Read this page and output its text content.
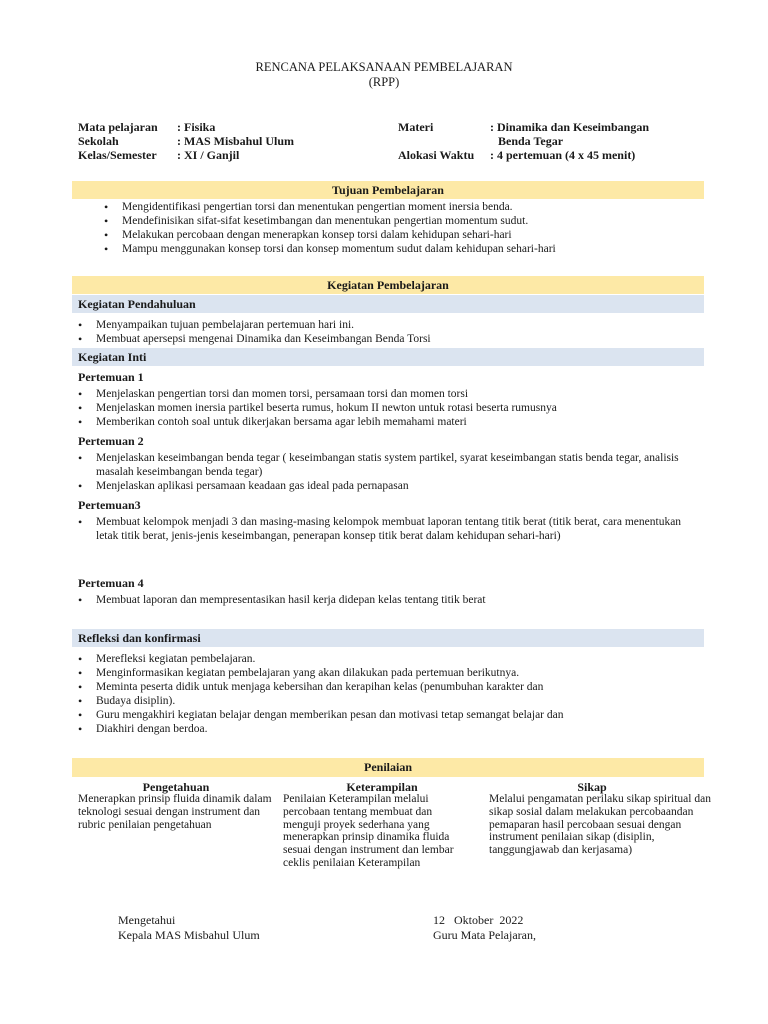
RENCANA PELAKSANAAN PEMBELAJARAN
(RPP)
Mata pelajaran : Fisika
Sekolah	: MAS Misbahul Ulum
Kelas/Semester : XI / Ganjil
Materi	: Dinamika dan Keseimbangan
Benda Tegar
Alokasi Waktu : 4 pertemuan (4 x 45 menit)
Tujuan Pembelajaran
• Mengidentifikasi pengertian torsi dan menentukan pengertian moment inersia benda.
• Mendefinisikan sifat-sifat kesetimbangan dan menentukan pengertian momentum sudut.
• Melakukan percobaan dengan menerapkan konsep torsi dalam kehidupan sehari-hari
• Mampu menggunakan konsep torsi dan konsep momentum sudut dalam kehidupan sehari-hari
Kegiatan Pembelajaran
Kegiatan Pendahuluan
• Menyampaikan tujuan pembelajaran pertemuan hari ini.
• Membuat apersepsi mengenai Dinamika dan Keseimbangan Benda Torsi
Kegiatan Inti
Pertemuan 1
• Menjelaskan pengertian torsi dan momen torsi, persamaan torsi dan momen torsi
• Menjelaskan momen inersia partikel beserta rumus, hokum II newton untuk rotasi beserta rumusnya
• Memberikan contoh soal untuk dikerjakan bersama agar lebih memahami materi
Pertemuan 2
• Menjelaskan keseimbangan benda tegar ( keseimbangan statis system partikel, syarat keseimbangan statis benda tegar, analisis masalah keseimbangan benda tegar)
• Menjelaskan aplikasi persamaan keadaan gas ideal pada pernapasan
Pertemuan3
• Membuat kelompok menjadi 3 dan masing-masing kelompok membuat laporan tentang titik berat (titik berat, cara menentukan letak titik berat, jenis-jenis keseimbangan, penerapan konsep titik berat dalam kehidupan sehari-hari)
Pertemuan 4
• Membuat laporan dan mempresentasikan hasil kerja didepan kelas tentang titik berat
Refleksi dan konfirmasi
• Merefleksi kegiatan pembelajaran.
• Menginformasikan kegiatan pembelajaran yang akan dilakukan pada pertemuan berikutnya.
• Meminta peserta didik untuk menjaga kebersihan dan kerapihan kelas (penumbuhan karakter dan
• Budaya disiplin).
• Guru mengakhiri kegiatan belajar dengan memberikan pesan dan motivasi tetap semangat belajar dan
• Diakhiri dengan berdoa.
Penilaian
Pengetahuan
Menerapkan prinsip fluida dinamik dalam teknologi sesuai dengan instrument dan rubric penilaian pengetahuan
Keterampilan
Penilaian Keterampilan melalui percobaan tentang membuat dan menguji proyek sederhana yang menerapkan prinsip dinamika fluida sesuai dengan instrument dan lembar ceklis penilaian Keterampilan
Sikap
Melalui pengamatan perilaku sikap spiritual dan sikap sosial dalam melakukan percobaandan pemaparan hasil percobaan sesuai dengan instrument penilaian sikap (disiplin, tanggungjawab dan kerjasama)
Mengetahui
Kepala MAS Misbahul Ulum
12   Oktober  2022
Guru Mata Pelajaran,
